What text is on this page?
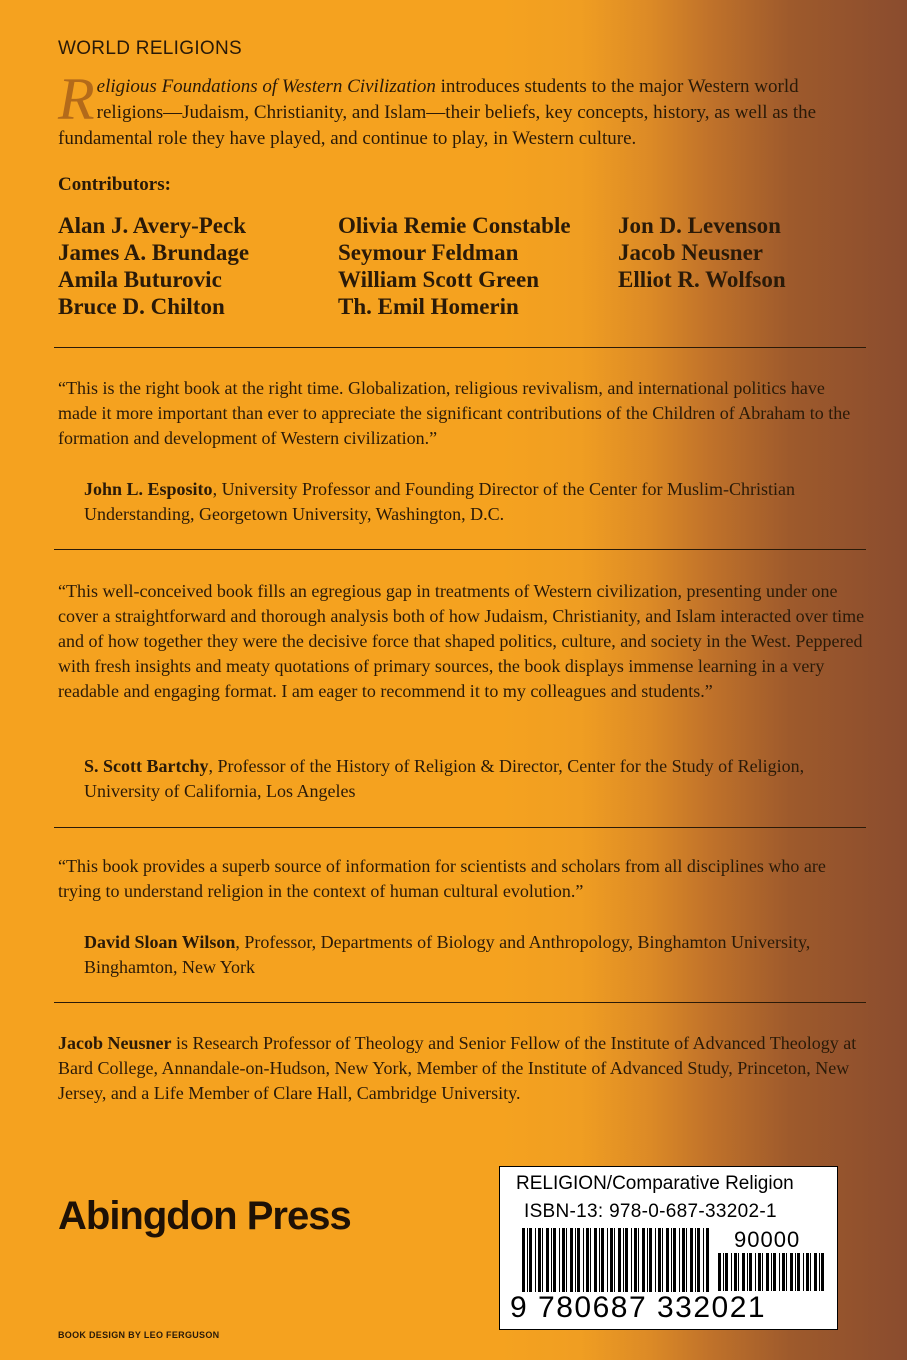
WORLD RELIGIONS

Religious Foundations of Western Civilization introduces students to the major Western world religions—Judaism, Christianity, and Islam—their beliefs, key concepts, history, as well as the fundamental role they have played, and continue to play, in Western culture.

Contributors:
Alan J. Avery-Peck
James A. Brundage
Amila Buturovic
Bruce D. Chilton
Olivia Remie Constable
Seymour Feldman
William Scott Green
Th. Emil Homerin
Jon D. Levenson
Jacob Neusner
Elliot R. Wolfson

“This is the right book at the right time. Globalization, religious revivalism, and international politics have made it more important than ever to appreciate the significant contributions of the Children of Abraham to the formation and development of Western civilization.”

John L. Esposito, University Professor and Founding Director of the Center for Muslim-Christian Understanding, Georgetown University, Washington, D.C.

“This well-conceived book fills an egregious gap in treatments of Western civilization, presenting under one cover a straightforward and thorough analysis both of how Judaism, Christianity, and Islam interacted over time and of how together they were the decisive force that shaped politics, culture, and society in the West. Peppered with fresh insights and meaty quotations of primary sources, the book displays immense learning in a very readable and engaging format. I am eager to recommend it to my colleagues and students.”

S. Scott Bartchy, Professor of the History of Religion & Director, Center for the Study of Religion, University of California, Los Angeles

“This book provides a superb source of information for scientists and scholars from all disciplines who are trying to understand religion in the context of human cultural evolution.”

David Sloan Wilson, Professor, Departments of Biology and Anthropology, Binghamton University, Binghamton, New York

Jacob Neusner is Research Professor of Theology and Senior Fellow of the Institute of Advanced Theology at Bard College, Annandale-on-Hudson, New York, Member of the Institute of Advanced Study, Princeton, New Jersey, and a Life Member of Clare Hall, Cambridge University.

Abingdon Press
BOOK DESIGN BY LEO FERGUSON
RELIGION/Comparative Religion
ISBN-13: 978-0-687-33202-1
90000
9 780687 332021
